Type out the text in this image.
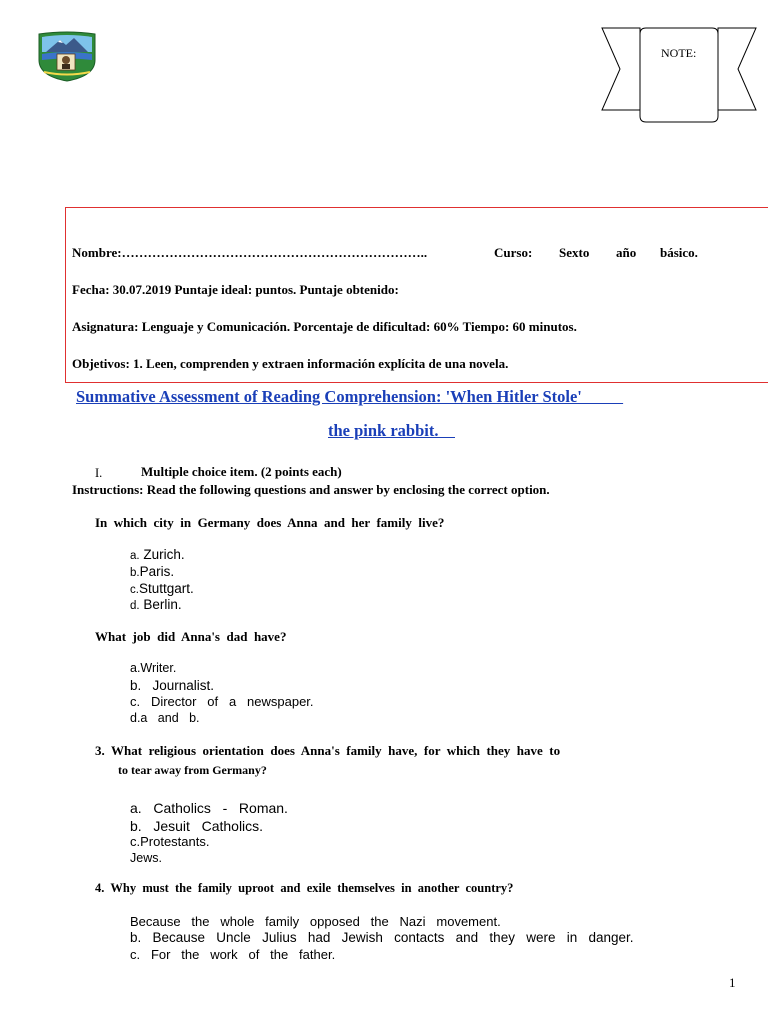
NOTE:
Nombre:……………………………………………………………..	Curso: Sexto año básico.
Fecha: 30.07.2019 Puntaje ideal: puntos. Puntaje obtenido:
Asignatura: Lenguaje y Comunicación. Porcentaje de dificultad: 60% Tiempo: 60 minutos.
Objetivos: 1. Leen, comprenden y extraen información explícita de una novela.
Summative Assessment of Reading Comprehension: 'When Hitler Stole'
the pink rabbit.
I.	Multiple choice item. (2 points each)
Instructions: Read the following questions and answer by enclosing the correct option.
In  which  city  in  Germany  does  Anna  and  her  family  live?
a. Zurich.
b.Paris.
c.Stuttgart.
d. Berlin.
What  job  did  Anna's  dad  have?
a.Writer.
b.   Journalist.
c.   Director   of   a   newspaper.
d.a   and   b.
3.  What  religious  orientation  does  Anna's  family  have,  for  which  they  have  to
to tear away from Germany?
a.   Catholics   -   Roman.
b.   Jesuit   Catholics.
c.Protestants.
Jews.
4.  Why  must  the  family  uproot  and  exile  themselves  in  another  country?
Because   the   whole   family   opposed   the   Nazi   movement.
b.   Because   Uncle   Julius   had   Jewish   contacts   and   they   were   in   danger.
c.   For   the   work   of   the   father.
1
